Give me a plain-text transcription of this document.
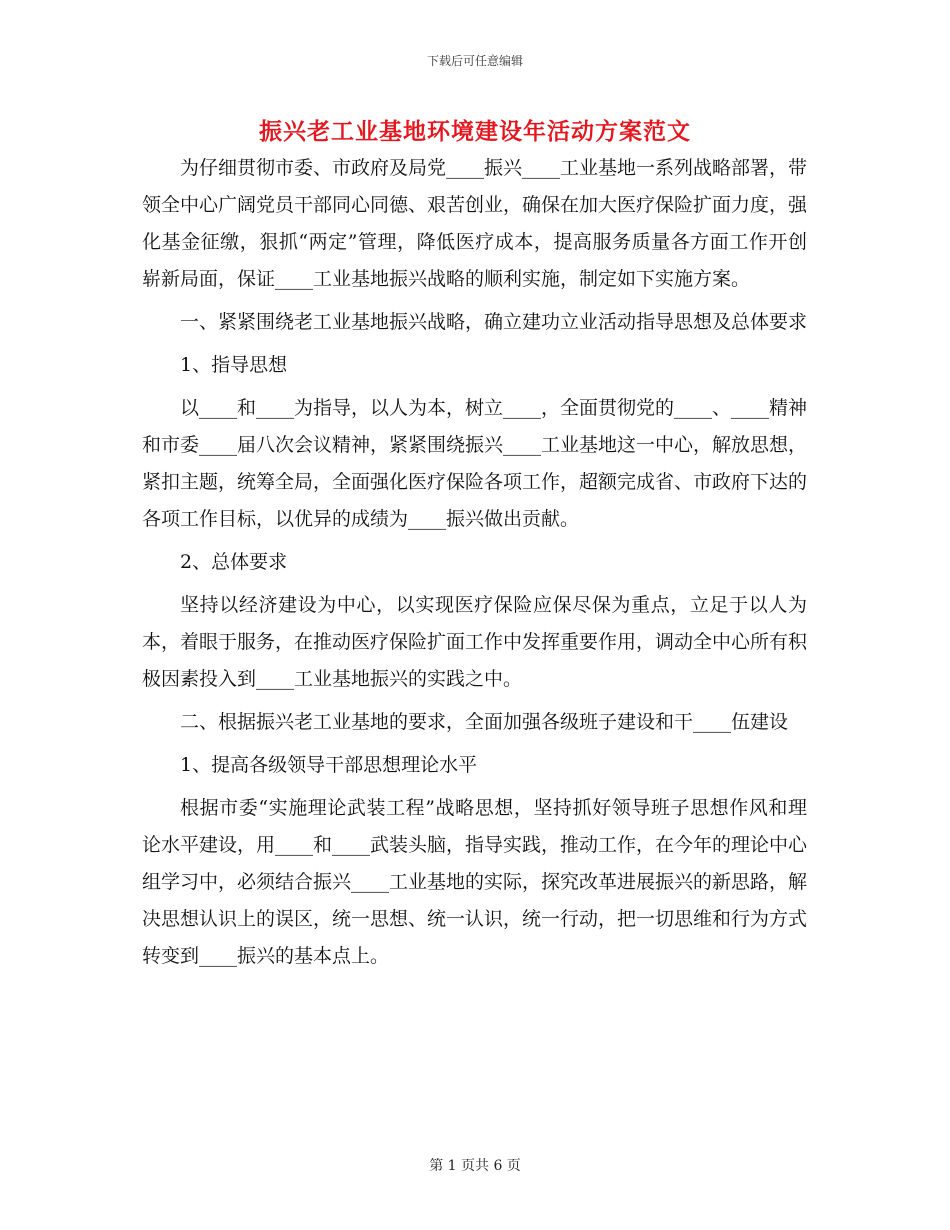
下载后可任意编辑
振兴老工业基地环境建设年活动方案范文

为仔细贯彻市委、市政府及局党____振兴____工业基地一系列战略部署，带领全中心广阔党员干部同心同德、艰苦创业，确保在加大医疗保险扩面力度，强化基金征缴，狠抓“两定”管理，降低医疗成本，提高服务质量各方面工作开创崭新局面，保证____工业基地振兴战略的顺利实施，制定如下实施方案。

一、紧紧围绕老工业基地振兴战略，确立建功立业活动指导思想及总体要求

1、指导思想

以____和____为指导，以人为本，树立____，全面贯彻党的____、____精神和市委____届八次会议精神，紧紧围绕振兴____工业基地这一中心，解放思想，紧扣主题，统筹全局，全面强化医疗保险各项工作，超额完成省、市政府下达的各项工作目标，以优异的成绩为____振兴做出贡献。

2、总体要求

坚持以经济建设为中心，以实现医疗保险应保尽保为重点，立足于以人为本，着眼于服务，在推动医疗保险扩面工作中发挥重要作用，调动全中心所有积极因素投入到____工业基地振兴的实践之中。

二、根据振兴老工业基地的要求，全面加强各级班子建设和干____伍建设

1、提高各级领导干部思想理论水平

根据市委“实施理论武装工程”战略思想，坚持抓好领导班子思想作风和理论水平建设，用____和____武装头脑，指导实践，推动工作，在今年的理论中心组学习中，必须结合振兴____工业基地的实际，探究改革进展振兴的新思路，解决思想认识上的误区，统一思想、统一认识，统一行动，把一切思维和行为方式转变到____振兴的基本点上。

第 1 页共 6 页
